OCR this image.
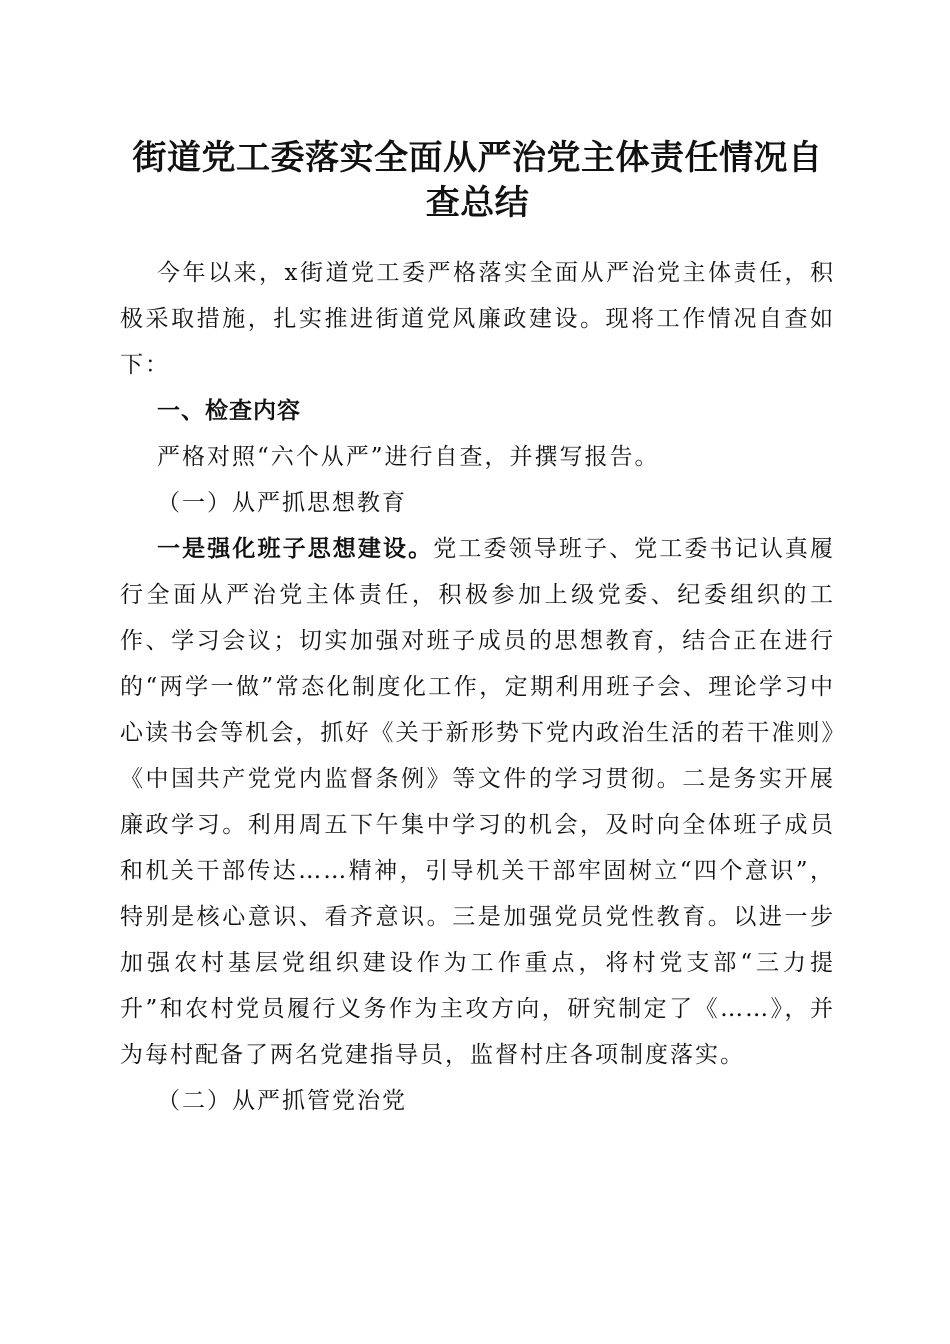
街道党工委落实全面从严治党主体责任情况自
查总结

今年以来，x街道党工委严格落实全面从严治党主体责任，积极采取措施，扎实推进街道党风廉政建设。现将工作情况自查如下：

一、检查内容

严格对照“六个从严”进行自查，并撰写报告。

（一）从严抓思想教育

一是强化班子思想建设。党工委领导班子、党工委书记认真履行全面从严治党主体责任，积极参加上级党委、纪委组织的工作、学习会议；切实加强对班子成员的思想教育，结合正在进行的“两学一做”常态化制度化工作，定期利用班子会、理论学习中心读书会等机会，抓好《关于新形势下党内政治生活的若干准则》《中国共产党党内监督条例》等文件的学习贯彻。二是务实开展廉政学习。利用周五下午集中学习的机会，及时向全体班子成员和机关干部传达……精神，引导机关干部牢固树立“四个意识”，特别是核心意识、看齐意识。三是加强党员党性教育。以进一步加强农村基层党组织建设作为工作重点，将村党支部“三力提升”和农村党员履行义务作为主攻方向，研究制定了《……》，并为每村配备了两名党建指导员，监督村庄各项制度落实。

（二）从严抓管党治党
